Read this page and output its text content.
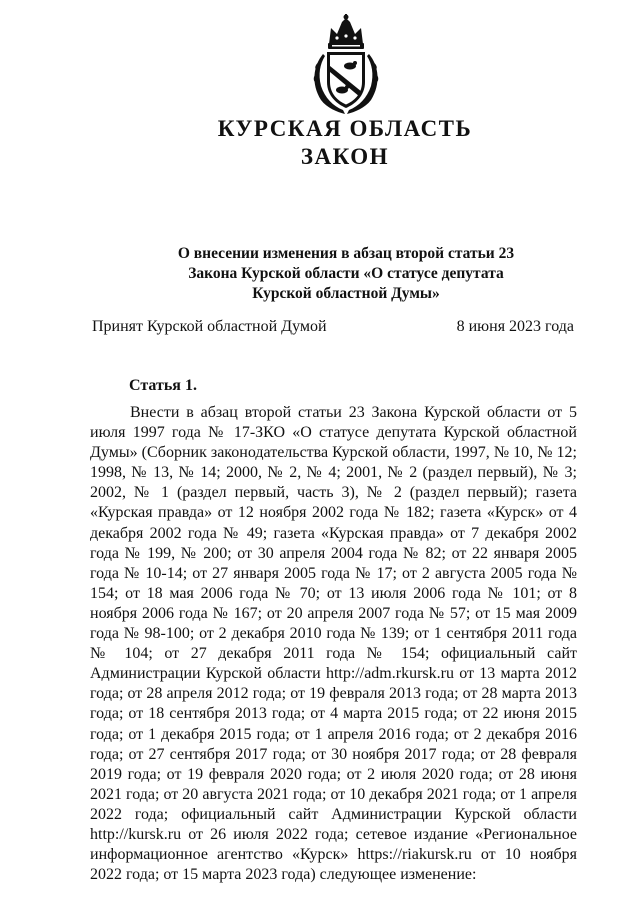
КУРСКАЯ ОБЛАСТЬ
ЗАКОН
О внесении изменения в абзац второй статьи 23
Закона Курской области «О статусе депутата
Курской областной Думы»
Принят Курской областной Думой	8 июня 2023 года
Статья 1.

Внести в абзац второй статьи 23 Закона Курской области от 5 июля 1997 года № 17-ЗКО «О статусе депутата Курской областной Думы» (Сборник законодательства Курской области, 1997, № 10, № 12; 1998, № 13, № 14; 2000, № 2, № 4; 2001, № 2 (раздел первый), № 3; 2002, № 1 (раздел первый, часть 3), № 2 (раздел первый); газета «Курская правда» от 12 ноября 2002 года № 182; газета «Курск» от 4 декабря 2002 года № 49; газета «Курская правда» от 7 декабря 2002 года № 199, № 200; от 30 апреля 2004 года № 82; от 22 января 2005 года № 10-14; от 27 января 2005 года № 17; от 2 августа 2005 года № 154; от 18 мая 2006 года № 70; от 13 июля 2006 года № 101; от 8 ноября 2006 года № 167; от 20 апреля 2007 года № 57; от 15 мая 2009 года № 98-100; от 2 декабря 2010 года № 139; от 1 сентября 2011 года № 104; от 27 декабря 2011 года № 154; официальный сайт Администрации Курской области http://adm.rkursk.ru от 13 марта 2012 года; от 28 апреля 2012 года; от 19 февраля 2013 года; от 28 марта 2013 года; от 18 сентября 2013 года; от 4 марта 2015 года; от 22 июня 2015 года; от 1 декабря 2015 года; от 1 апреля 2016 года; от 2 декабря 2016 года; от 27 сентября 2017 года; от 30 ноября 2017 года; от 28 февраля 2019 года; от 19 февраля 2020 года; от 2 июля 2020 года; от 28 июня 2021 года; от 20 августа 2021 года; от 10 декабря 2021 года; от 1 апреля 2022 года; официальный сайт Администрации Курской области http://kursk.ru от 26 июля 2022 года; сетевое издание «Региональное информационное агентство «Курск» https://riakursk.ru от 10 ноября 2022 года; от 15 марта 2023 года) следующее изменение:
